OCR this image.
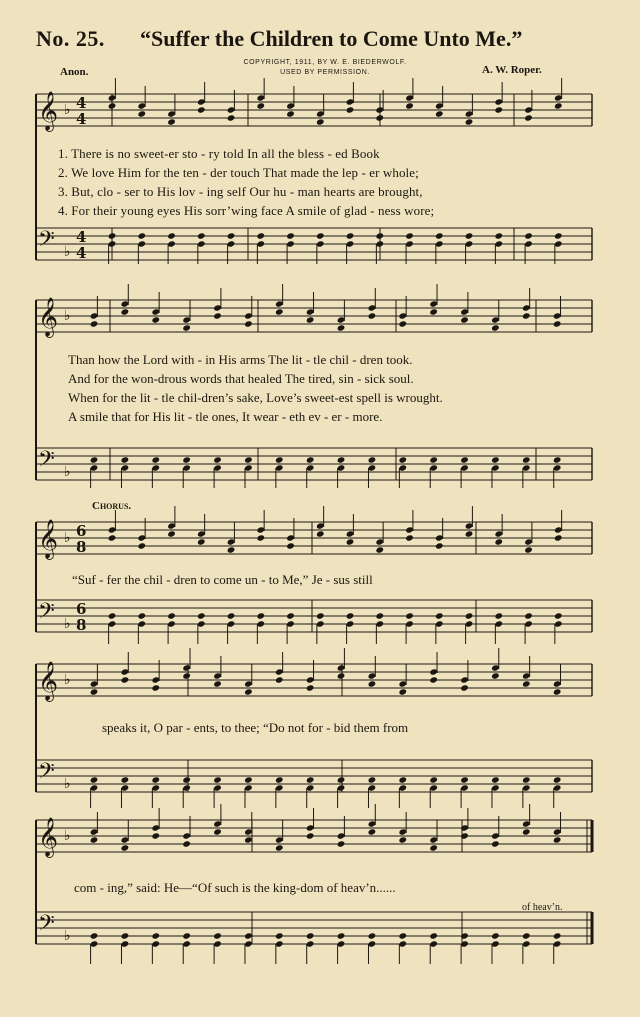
No. 25. “Suffer the Children to Come Unto Me.”
Anon.
COPYRIGHT, 1911, BY W. E. BIEDERWOLF.
USED BY PERMISSION.	A. W. Roper.
𝄞 ♭ 4
4
𝄢 ♭
4
4
𝄞 ♭
𝄢 ♭
𝄞 ♭ 6
8
𝄢 ♭
6
8
𝄞 ♭
𝄢 ♭
𝄞 ♭
𝄢 ♭
1. There is no sweet-er sto - ry told In all the bless - ed Book
2. We love Him for the ten - der touch That made the lep - er whole;
3. But, clo - ser to His lov - ing self Our hu - man hearts are brought,
4. For their young eyes His sorr’wing face A smile of glad - ness wore;
Than how the Lord with - in His arms The lit - tle chil - dren took.
And for the won-drous words that healed The tired, sin - sick soul.
When for the lit - tle chil-dren’s sake, Love’s sweet-est spell is wrought.
A smile that for His lit - tle ones, It wear - eth ev - er - more.
Chorus.
“Suf - fer the chil - dren to come un - to Me,” Je - sus still
speaks it, O par - ents, to thee; “Do not for - bid them from
com - ing,” said: He—“Of such is the king-dom of heav’n......
of heav’n.
